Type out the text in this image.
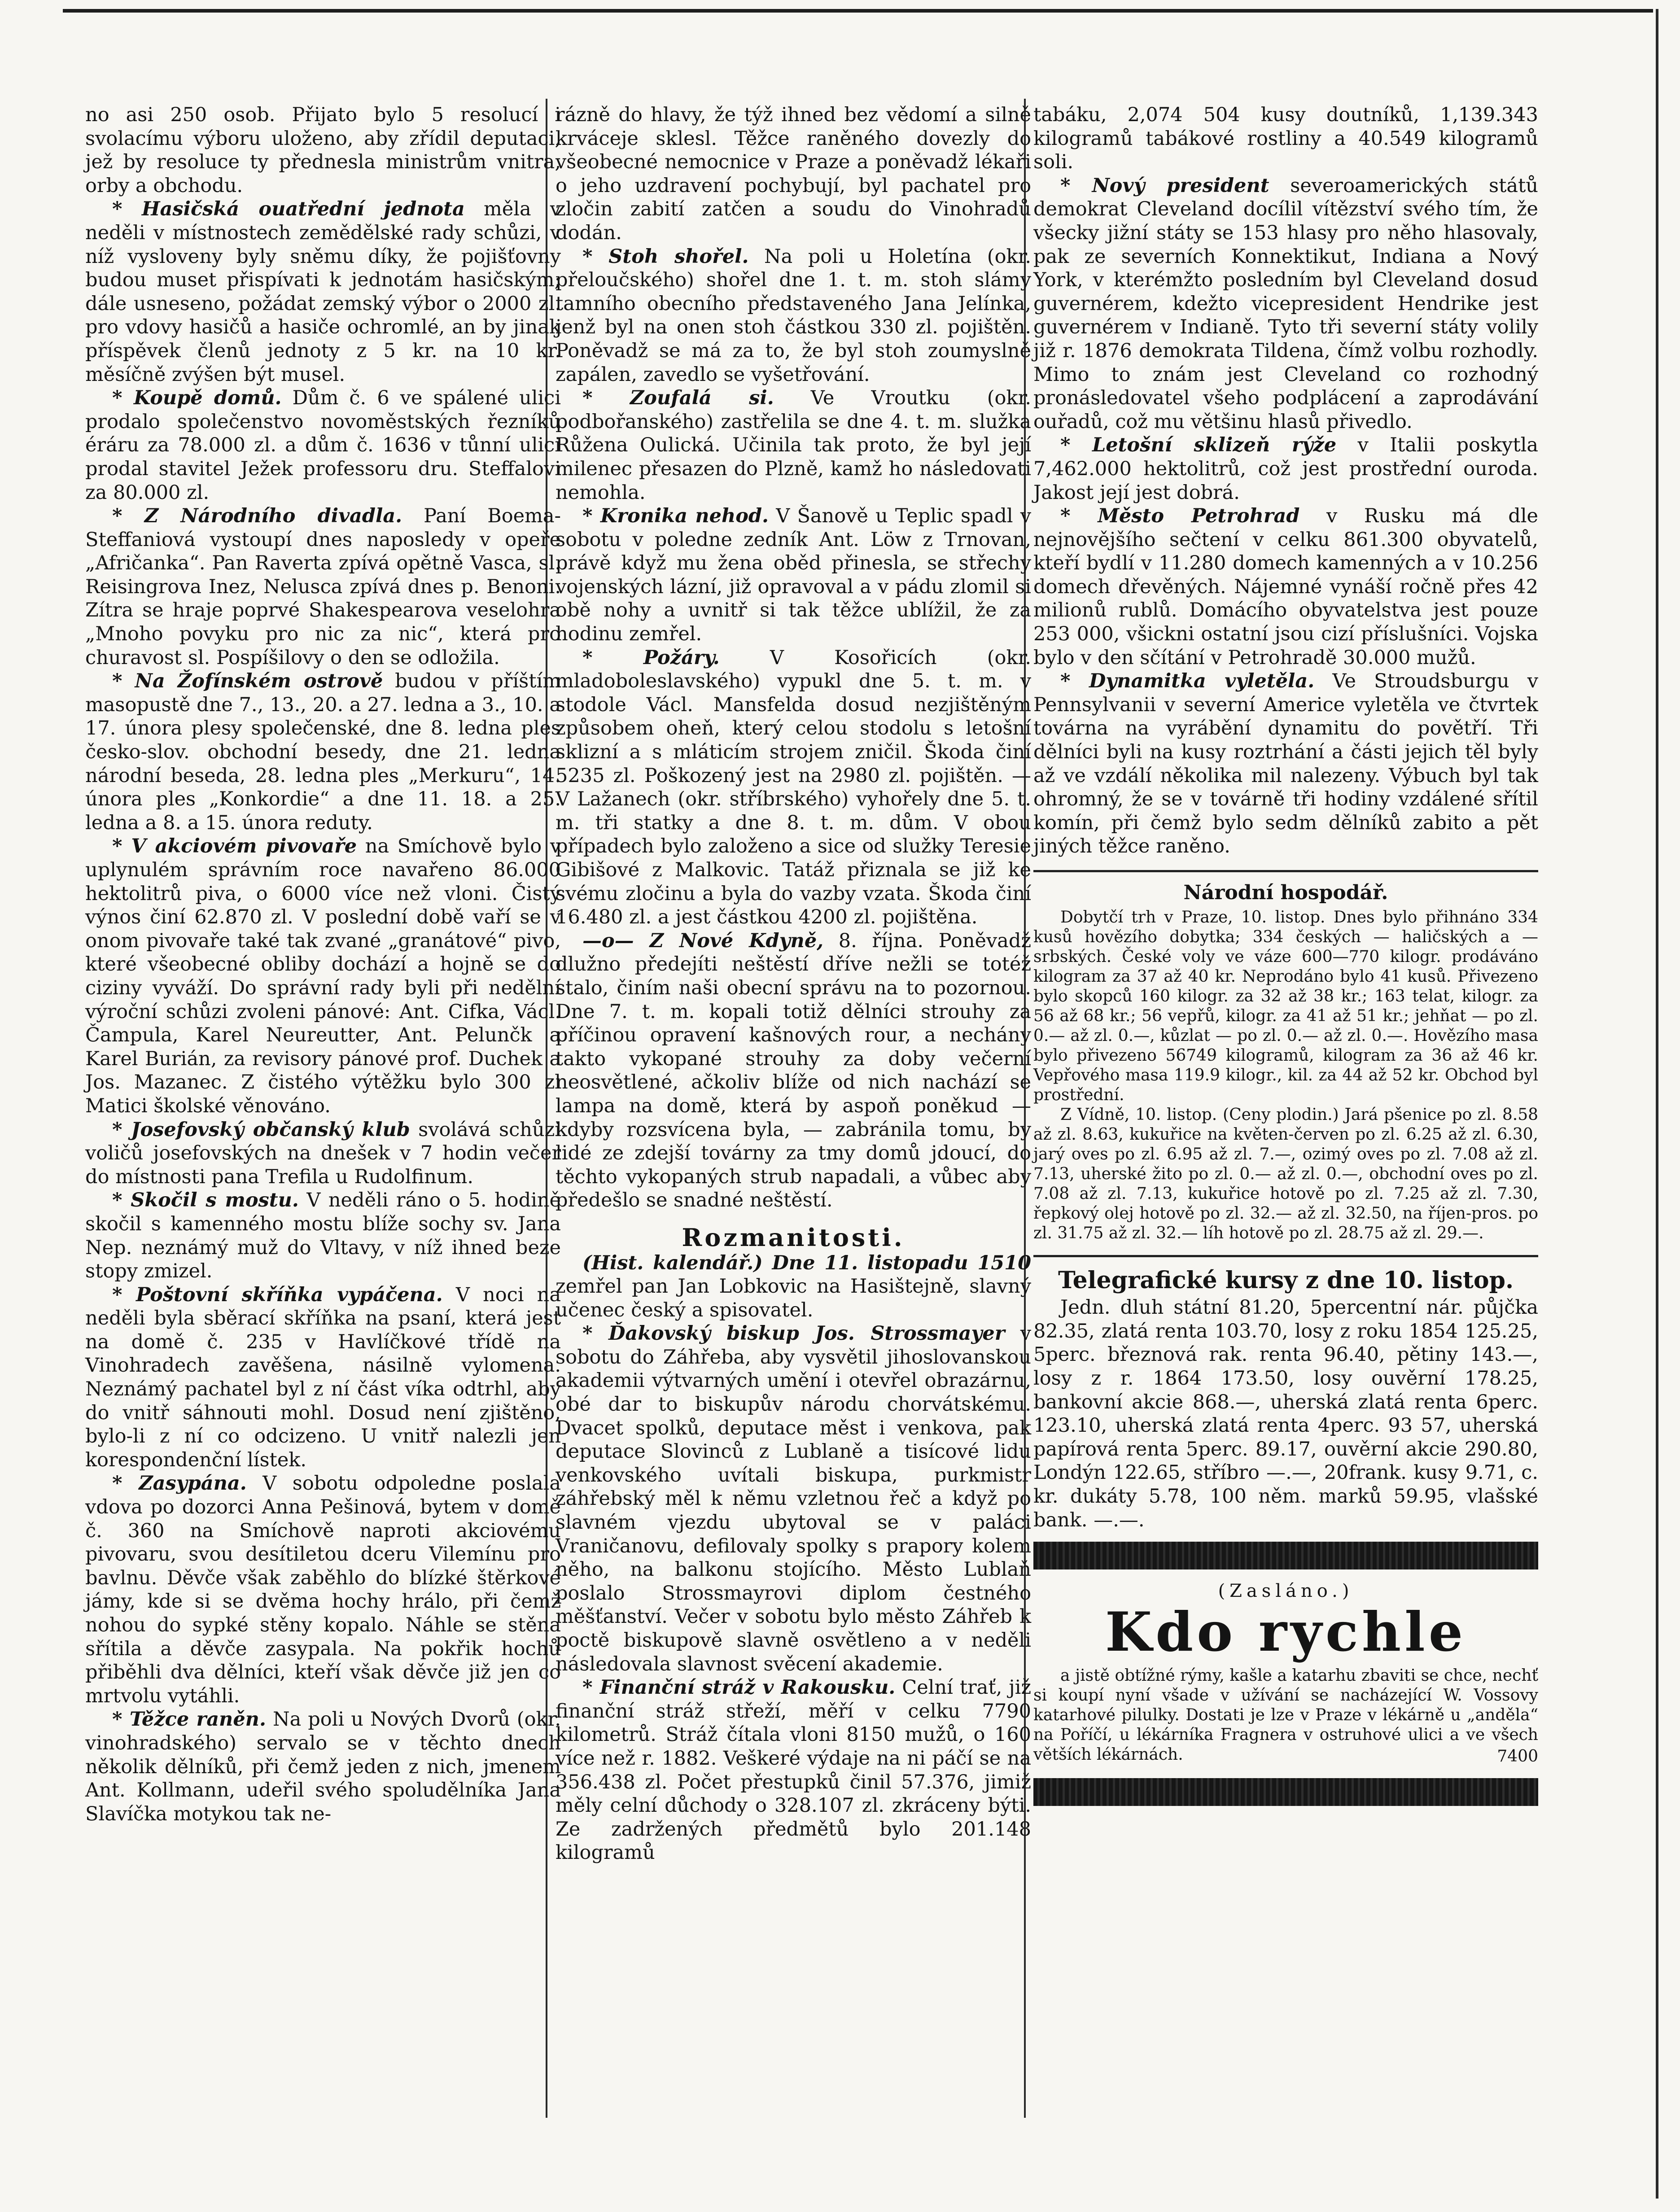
no asi 250 osob. Přijato bylo 5 resolucí i svolacímu výboru uloženo, aby zřídil deputaci, jež by resoluce ty přednesla ministrům vnitra, orby a obchodu.

* Hasičská ouatřední jednota měla v neděli v místnostech zemědělské rady schůzi, v níž vysloveny byly sněmu díky, že pojišťovny budou muset přispívati k jednotám hasičským; dále usneseno, požádat zemský výbor o 2000 zl. pro vdovy hasičů a hasiče ochromlé, an by jinak příspěvek členů jednoty z 5 kr. na 10 kr. měsíčně zvýšen být musel.

* Koupě domů. Dům č. 6 ve spálené ulici prodalo společenstvo novoměstských řezníků éráru za 78.000 zl. a dům č. 1636 v tůnní ulici prodal stavitel Ježek professoru dru. Steffalovi za 80.000 zl.

* Z Národního divadla. Paní Boema-Steffaniová vystoupí dnes naposledy v opeře „Afričanka“. Pan Raverta zpívá opětně Vasca, sl. Reisingrova Inez, Nelusca zpívá dnes p. Benoni. Zítra se hraje poprvé Shakespearova veselohra „Mnoho povyku pro nic za nic“, která pro churavost sl. Pospíšilovy o den se odložila.

* Na Žofínském ostrově budou v příštím masopustě dne 7., 13., 20. a 27. ledna a 3., 10. a 17. února plesy společenské, dne 8. ledna ples česko-slov. obchodní besedy, dne 21. ledna národní beseda, 28. ledna ples „Merkuru“, 14. února ples „Konkordie“ a dne 11. 18. a 25. ledna a 8. a 15. února reduty.

* V akciovém pivovaře na Smíchově bylo v uplynulém správním roce navařeno 86.000 hektolitrů piva, o 6000 více než vloni. Čistý výnos činí 62.870 zl. V poslední době vaří se v onom pivovaře také tak zvané „granátové“ pivo, které všeobecné obliby dochází a hojně se do ciziny vyváží. Do správní rady byli při nedělní výroční schůzi zvoleni pánové: Ant. Cifka, Václ. Čampula, Karel Neureutter, Ant. Pelunčk a Karel Burián, za revisory pánové prof. Duchek a Jos. Mazanec. Z čistého výtěžku bylo 300 zl Matici školské věnováno.

* Josefovský občanský klub svolává schůzi voličů josefovských na dnešek v 7 hodin večer do místnosti pana Trefila u Rudolfinum.

* Skočil s mostu. V neděli ráno o 5. hodině skočil s kamenného mostu blíže sochy sv. Jana Nep. neznámý muž do Vltavy, v níž ihned beze stopy zmizel.

* Poštovní skříňka vypáčena. V noci na neděli byla sběrací skříňka na psaní, která jest na domě č. 235 v Havlíčkové třídě na Vinohradech zavěšena, násilně vylomena. Neznámý pachatel byl z ní část víka odtrhl, aby do vnitř sáhnouti mohl. Dosud není zjištěno, bylo-li z ní co odcizeno. U vnitř nalezli jen korespondenční lístek.

* Zasypána. V sobotu odpoledne poslala vdova po dozorci Anna Pešinová, bytem v domě č. 360 na Smíchově naproti akciovému pivovaru, svou desítiletou dceru Vilemínu pro bavlnu. Děvče však zaběhlo do blízké štěrkové jámy, kde si se dvěma hochy hrálo, při čemž nohou do sypké stěny kopalo. Náhle se stěna sřítila a děvče zasypala. Na pokřik hochů přiběhli dva dělníci, kteří však děvče již jen co mrtvolu vytáhli.

* Těžce raněn. Na poli u Nových Dvorů (okr. vinohradského) servalo se v těchto dnech několik dělníků, při čemž jeden z nich, jmenem Ant. Kollmann, udeřil svého spoludělníka Jana Slavíčka motykou tak ne-

rázně do hlavy, že týž ihned bez vědomí a silně krváceje sklesl. Těžce raněného dovezly do všeobecné nemocnice v Praze a poněvadž lékaři o jeho uzdravení pochybují, byl pachatel pro zločin zabití zatčen a soudu do Vinohradů dodán.

* Stoh shořel. Na poli u Holetína (okr. přeloučského) shořel dne 1. t. m. stoh slámy tamního obecního představeného Jana Jelínka, jenž byl na onen stoh částkou 330 zl. pojištěn. Poněvadž se má za to, že byl stoh zoumyslně zapálen, zavedlo se vyšetřování.

* Zoufalá si. Ve Vroutku (okr. podbořanského) zastřelila se dne 4. t. m. služka Růžena Oulická. Učinila tak proto, že byl její milenec přesazen do Plzně, kamž ho následovati nemohla.

* Kronika nehod. V Šanově u Teplic spadl v sobotu v poledne zedník Ant. Löw z Trnovan, právě když mu žena oběd přinesla, se střechy vojenských lázní, již opravoval a v pádu zlomil si obě nohy a uvnitř si tak těžce ublížil, že za hodinu zemřel.

* Požáry.	V Kosořicích (okr. mladoboleslavského) vypukl dne 5. t. m. v stodole Václ. Mansfelda dosud nezjištěným způsobem oheň, který celou stodolu s letošní sklizní a s mláticím strojem zničil. Škoda činí 5235 zl. Poškozený jest na 2980 zl. pojištěn. — V Lažanech (okr. stříbrského) vyhořely dne 5. t. m. tři statky a dne 8. t. m. dům. V obou případech bylo založeno a sice od služky Teresie Gibišové z Malkovic. Tatáž přiznala se již ke svému zločinu a byla do vazby vzata. Škoda činí 16.480 zl. a jest částkou 4200 zl. pojištěna.

—o— Z Nové Kdyně, 8. října. Poněvadž dlužno předejíti neštěstí dříve nežli se totéž stalo, činím naši obecní správu na to pozornou. Dne 7. t. m. kopali totiž dělníci strouhy za příčinou opravení kašnových rour, a nechány takto vykopané strouhy za doby večerní neosvětlené, ačkoliv blíže od nich nachází se lampa na domě, která by aspoň poněkud — kdyby rozsvícena byla, — zabránila tomu, by lidé ze zdejší továrny za tmy domů jdoucí, do těchto vykopaných strub napadali, a vůbec aby předešlo se snadné neštěstí.

Rozmanitosti.

(Hist. kalendář.) Dne 11. listopadu 1510 zemřel pan Jan Lobkovic na Hasištejně, slavný učenec český a spisovatel.

* Ďakovský biskup Jos. Strossmayer v sobotu do Záhřeba, aby vysvětil jihoslovanskou akademii výtvarných umění i otevřel obrazárnu, obé dar to biskupův národu chorvátskému. Dvacet spolků, deputace měst i venkova, pak deputace Slovinců z Lublaně a tisícové lidu venkovského uvítali biskupa, purkmistr záhřebský měl k němu vzletnou řeč a když po slavném vjezdu ubytoval se v paláci Vraničanovu, defilovaly spolky s prapory kolem něho, na balkonu stojícího. Město Lublaň poslalo Strossmayrovi diplom čestného měšťanství. Večer v sobotu bylo město Záhřeb k poctě biskupově slavně osvětleno a v neděli následovala slavnost svěcení akademie.

* Finanční stráž v Rakousku. Celní trať, již finanční stráž střeží, měří v celku 7790 kilometrů. Stráž čítala vloni 8150 mužů, o 160 více než r. 1882. Veškeré výdaje na ni páčí se na 356.438 zl. Počet přestupků činil 57.376, jimiž měly celní důchody o 328.107 zl. zkráceny býti. Ze zadržených předmětů bylo 201.148 kilogramů

tabáku, 2,074 504 kusy doutníků, 1,139.343 kilogramů tabákové rostliny a 40.549 kilogramů soli.

* Nový president severoamerických států demokrat Cleveland docílil vítězství svého tím, že všecky jižní státy se 153 hlasy pro něho hlasovaly, pak ze severních Konnektikut, Indiana a Nový York, v kterémžto posledním byl Cleveland dosud guvernérem, kdežto vicepresident Hendrike jest guvernérem v Indianě. Tyto tři severní státy volily již r. 1876 demokrata Tildena, čímž volbu rozhodly. Mimo to znám jest Cleveland co rozhodný pronásledovatel všeho podplácení a zaprodávání ouřadů, což mu většinu hlasů přivedlo.

* Letošní sklizeň rýže v Italii poskytla 7,462.000 hektolitrů, což jest prostřední ouroda. Jakost její jest dobrá.

* Město Petrohrad v Rusku má dle nejnovějšího sečtení v celku 861.300 obyvatelů, kteří bydlí v 11.280 domech kamenných a v 10.256 domech dřevěných. Nájemné vynáší ročně přes 42 milionů rublů. Domácího obyvatelstva jest pouze 253 000, všickni ostatní jsou cizí příslušníci. Vojska bylo v den sčítání v Petrohradě 30.000 mužů.

* Dynamitka vyletěla. Ve Stroudsburgu v Pennsylvanii v severní Americe vyletěla ve čtvrtek továrna na vyrábění dynamitu do povětří. Tři dělníci byli na kusy roztrhání a části jejich těl byly až ve vzdálí několika mil nalezeny. Výbuch byl tak ohromný, že se v továrně tři hodiny vzdálené sřítil komín, při čemž bylo sedm dělníků zabito a pět jiných těžce raněno.

Národní hospodář.

Dobytčí trh v Praze, 10. listop. Dnes bylo přihnáno 334 kusů hovězího dobytka; 334 českých — haličských a — srbských. České voly ve váze 600—770 kilogr. prodáváno kilogram za 37 až 40 kr. Neprodáno bylo 41 kusů. Přivezeno bylo skopců 160 kilogr. za 32 až 38 kr.; 163 telat, kilogr. za 56 až 68 kr.; 56 vepřů, kilogr. za 41 až 51 kr.; jehňat — po zl. 0.— až zl. 0.—, kůzlat — po zl. 0.— až zl. 0.—. Hovězího masa bylo přivezeno 56749 kilogramů, kilogram za 36 až 46 kr. Vepřového masa 119.9 kilogr., kil. za 44 až 52 kr. Obchod byl prostřední.

Z Vídně, 10. listop. (Ceny plodin.) Jará pšenice po zl. 8.58 až zl. 8.63, kukuřice na květen-červen po zl. 6.25 až zl. 6.30, jarý oves po zl. 6.95 až zl. 7.—, ozimý oves po zl. 7.08 až zl. 7.13, uherské žito po zl. 0.— až zl. 0.—, obchodní oves po zl. 7.08 až zl. 7.13, kukuřice hotově po zl. 7.25 až zl. 7.30, řepkový olej hotově po zl. 32.— až zl. 32.50, na říjen-pros. po zl. 31.75 až zl. 32.— líh hotově po zl. 28.75 až zl. 29.—.

Telegrafické kursy z dne 10. listop.

Jedn. dluh státní 81.20, 5percentní nár. půjčka 82.35, zlatá renta 103.70, losy z roku 1854 125.25, 5perc. březnová rak. renta 96.40, pětiny 143.—, losy z r. 1864 173.50, losy ouvěrní 178.25, bankovní akcie 868.—, uherská zlatá renta 6perc. 123.10, uherská zlatá renta 4perc. 93 57, uherská papírová renta 5perc. 89.17, ouvěrní akcie 290.80, Londýn 122.65, stříbro —.—, 20frank. kusy 9.71, c. kr. dukáty 5.78, 100 něm. marků 59.95, vlašské bank. —.—.

(Zasláno.)
Kdo rychle

a jistě obtížné rýmy, kašle a katarhu zbaviti se chce, nechť si koupí nyní všade v užívání se nacházející W. Vossovy katarhové pilulky. Dostati je lze v Praze v lékárně u „anděla“ na Poříčí, u lékárníka Fragnera v ostruhové ulici a ve všech větších lékárnách.	7400
